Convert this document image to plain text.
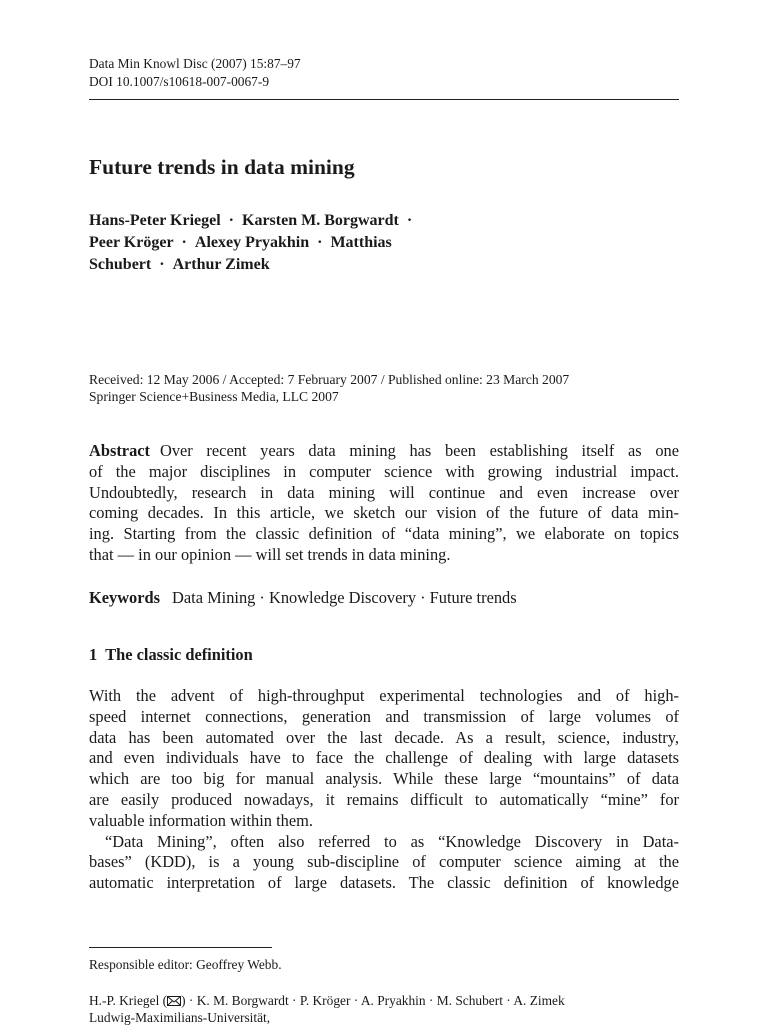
Data Min Knowl Disc (2007) 15:87–97
DOI 10.1007/s10618-007-0067-9
Future trends in data mining
Hans-Peter Kriegel · Karsten M. Borgwardt ·
Peer Kröger · Alexey Pryakhin · Matthias
Schubert · Arthur Zimek
Received: 12 May 2006 / Accepted: 7 February 2007 / Published online: 23 March 2007
Springer Science+Business Media, LLC 2007
Abstract Over recent years data mining has been establishing itself as one
of the major disciplines in computer science with growing industrial impact.
Undoubtedly, research in data mining will continue and even increase over
coming decades. In this article, we sketch our vision of the future of data min-
ing. Starting from the classic definition of “data mining”, we elaborate on topics
that — in our opinion — will set trends in data mining.
Keywords Data Mining · Knowledge Discovery · Future trends
1 The classic definition
With the advent of high-throughput experimental technologies and of high-
speed internet connections, generation and transmission of large volumes of
data has been automated over the last decade. As a result, science, industry,
and even individuals have to face the challenge of dealing with large datasets
which are too big for manual analysis. While these large “mountains” of data
are easily produced nowadays, it remains difficult to automatically “mine” for
valuable information within them.
“Data Mining”, often also referred to as “Knowledge Discovery in Data-
bases” (KDD), is a young sub-discipline of computer science aiming at the
automatic interpretation of large datasets. The classic definition of knowledge
Responsible editor: Geoffrey Webb.
H.-P. Kriegel ( ) · K. M. Borgwardt · P. Kröger · A. Pryakhin · M. Schubert · A. Zimek
Ludwig-Maximilians-Universität,
